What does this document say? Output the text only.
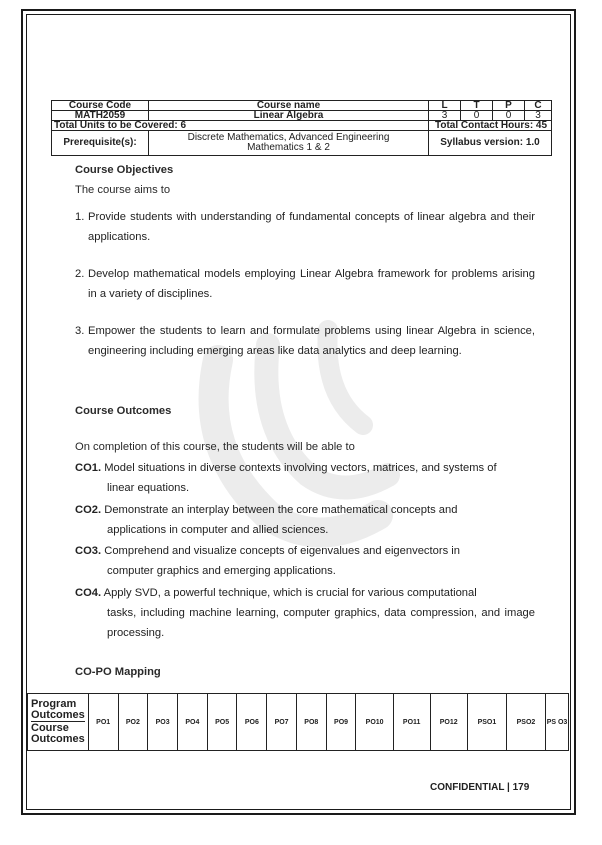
Course Code	Course name	L	T	P	C
MATH2059	Linear Algebra	3	0	0	3
Total Units to be Covered: 6		Total Contact Hours: 45			
Prerequisite(s):	Discrete Mathematics, Advanced Engineering Mathematics 1 & 2	Syllabus version: 1.0			
Course Objectives
The course aims to
1. Provide students with understanding of fundamental concepts of linear algebra and their applications.
2. Develop mathematical models employing Linear Algebra framework for problems arising in a variety of disciplines.
3. Empower the students to learn and formulate problems using linear Algebra in science, engineering including emerging areas like data analytics and deep learning.
Course Outcomes
On completion of this course, the students will be able to
CO1. Model situations in diverse contexts involving vectors, matrices, and systems of
linear equations.
CO2. Demonstrate an interplay between the core mathematical concepts and
applications in computer and allied sciences.
CO3. Comprehend and visualize concepts of eigenvalues and eigenvectors in
computer graphics and emerging applications.
CO4. Apply SVD, a powerful technique, which is crucial for various computational
tasks, including machine learning, computer graphics, data compression, and image processing.
CO-PO Mapping
Program Outcomes
Course Outcomes
	PO1	PO2	PO3	PO4	PO5	PO6	PO7	PO8	PO9	PO10	PO11	PO12	PSO1	PSO2	PS O3
CONFIDENTIAL | 179
